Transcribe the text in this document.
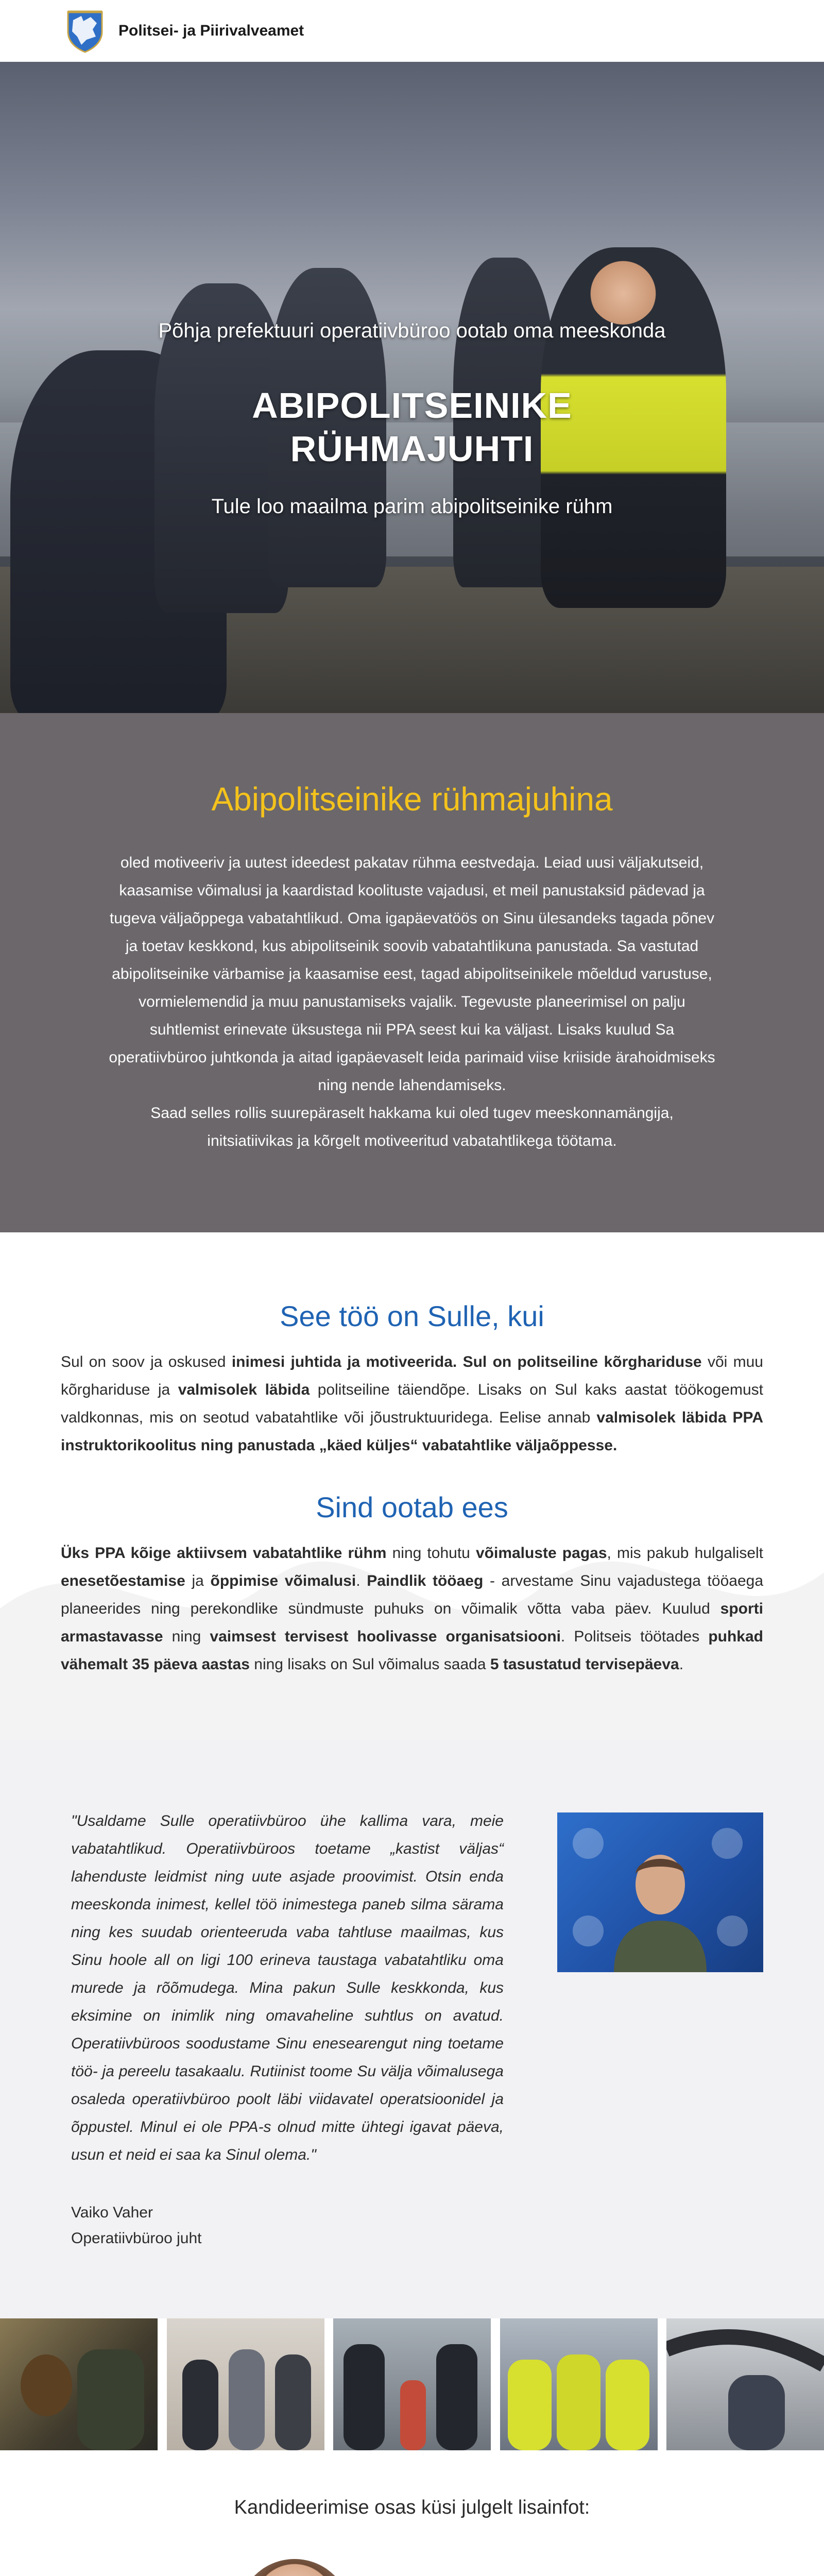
Politsei- ja Piirivalveamet

Põhja prefektuuri operatiivbüroo ootab oma meeskonda

ABIPOLITSEINIKE
RÜHMAJUHTI

Tule loo maailma parim abipolitseinike rühm

Abipolitseinike rühmajuhina

oled motiveeriv ja uutest ideedest pakatav rühma eestvedaja. Leiad uusi väljakutseid, kaasamise võimalusi ja kaardistad koolituste vajadusi, et meil panustaksid pädevad ja tugeva väljaõppega vabatahtlikud. Oma igapäevatöös on Sinu ülesandeks tagada põnev ja toetav keskkond, kus abipolitseinik soovib vabatahtlikuna panustada. Sa vastutad abipolitseinike värbamise ja kaasamise eest, tagad abipolitseinikele mõeldud varustuse, vormielemendid ja muu panustamiseks vajalik. Tegevuste planeerimisel on palju suhtlemist erinevate üksustega nii PPA seest kui ka väljast. Lisaks kuulud Sa operatiivbüroo juhtkonda ja aitad igapäevaselt leida parimaid viise kriiside ärahoidmiseks ning nende lahendamiseks.

Saad selles rollis suurepäraselt hakkama kui oled tugev meeskonnamängija, initsiatiivikas ja kõrgelt motiveeritud vabatahtlikega töötama.

See töö on Sulle, kui

Sul on soov ja oskused inimesi juhtida ja motiveerida. Sul on politseiline kõrghariduse või muu kõrghariduse ja valmisolek läbida politseiline täiendõpe. Lisaks on Sul kaks aastat töökogemust valdkonnas, mis on seotud vabatahtlike või jõustruktuuridega. Eelise annab valmisolek läbida PPA instruktorikoolitus ning panustada „käed küljes“ vabatahtlike väljaõppesse.

Sind ootab ees

Üks PPA kõige aktiivsem vabatahtlike rühm ning tohutu võimaluste pagas, mis pakub hulgaliselt enesetõestamise ja õppimise võimalusi. Paindlik tööaeg - arvestame Sinu vajadustega tööaega planeerides ning perekondlike sündmuste puhuks on võimalik võtta vaba päev. Kuulud sporti armastavasse ning vaimsest tervisest hoolivasse organisatsiooni. Politseis töötades puhkad vähemalt 35 päeva aastas ning lisaks on Sul võimalus saada 5 tasustatud tervisepäeva.

"Usaldame Sulle operatiivbüroo ühe kallima vara, meie vabatahtlikud. Operatiivbüroos toetame „kastist väljas“ lahenduste leidmist ning uute asjade proovimist. Otsin enda meeskonda inimest, kellel töö inimestega paneb silma särama ning kes suudab orienteeruda vaba tahtluse maailmas, kus Sinu hoole all on ligi 100 erineva taustaga vabatahtliku oma murede ja rõõmudega. Mina pakun Sulle keskkonda, kus eksimine on inimlik ning omavaheline suhtlus on avatud. Operatiivbüroos soodustame Sinu enesearengut ning toetame töö- ja pereelu tasakaalu. Rutiinist toome Su välja võimalusega osaleda operatiivbüroo poolt läbi viidavatel operatsioonidel ja õppustel. Minul ei ole PPA-s olnud mitte ühtegi igavat päeva, usun et neid ei saa ka Sinul olema."

Vaiko Vaher
Operatiivbüroo juht

Kandideerimise osas küsi julgelt lisainfot:
